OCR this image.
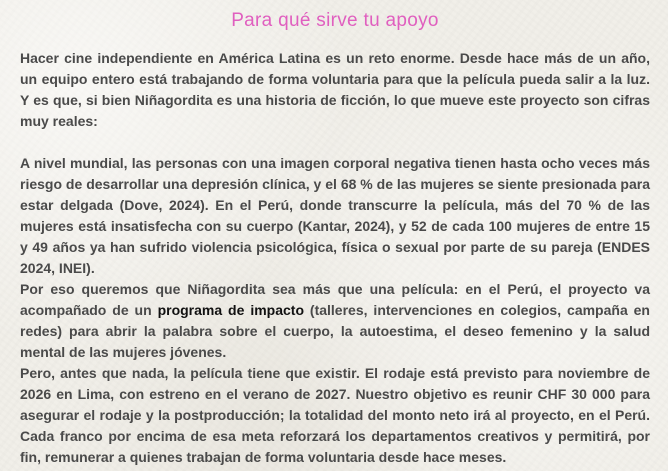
Para qué sirve tu apoyo

Hacer cine independiente en América Latina es un reto enorme. Desde hace más de un año, un equipo entero está trabajando de forma voluntaria para que la película pueda salir a la luz. Y es que, si bien Niñagordita es una historia de ficción, lo que mueve este proyecto son cifras muy reales:

A nivel mundial, las personas con una imagen corporal negativa tienen hasta ocho veces más riesgo de desarrollar una depresión clínica, y el 68 % de las mujeres se siente presionada para estar delgada (Dove, 2024). En el Perú, donde transcurre la película, más del 70 % de las mujeres está insatisfecha con su cuerpo (Kantar, 2024), y 52 de cada 100 mujeres de entre 15 y 49 años ya han sufrido violencia psicológica, física o sexual por parte de su pareja (ENDES 2024, INEI).

Por eso queremos que Niñagordita sea más que una película: en el Perú, el proyecto va acompañado de un programa de impacto (talleres, intervenciones en colegios, campaña en redes) para abrir la palabra sobre el cuerpo, la autoestima, el deseo femenino y la salud mental de las mujeres jóvenes.

Pero, antes que nada, la película tiene que existir. El rodaje está previsto para noviembre de 2026 en Lima, con estreno en el verano de 2027. Nuestro objetivo es reunir CHF 30 000 para asegurar el rodaje y la postproducción; la totalidad del monto neto irá al proyecto, en el Perú. Cada franco por encima de esa meta reforzará los departamentos creativos y permitirá, por fin, remunerar a quienes trabajan de forma voluntaria desde hace meses.
